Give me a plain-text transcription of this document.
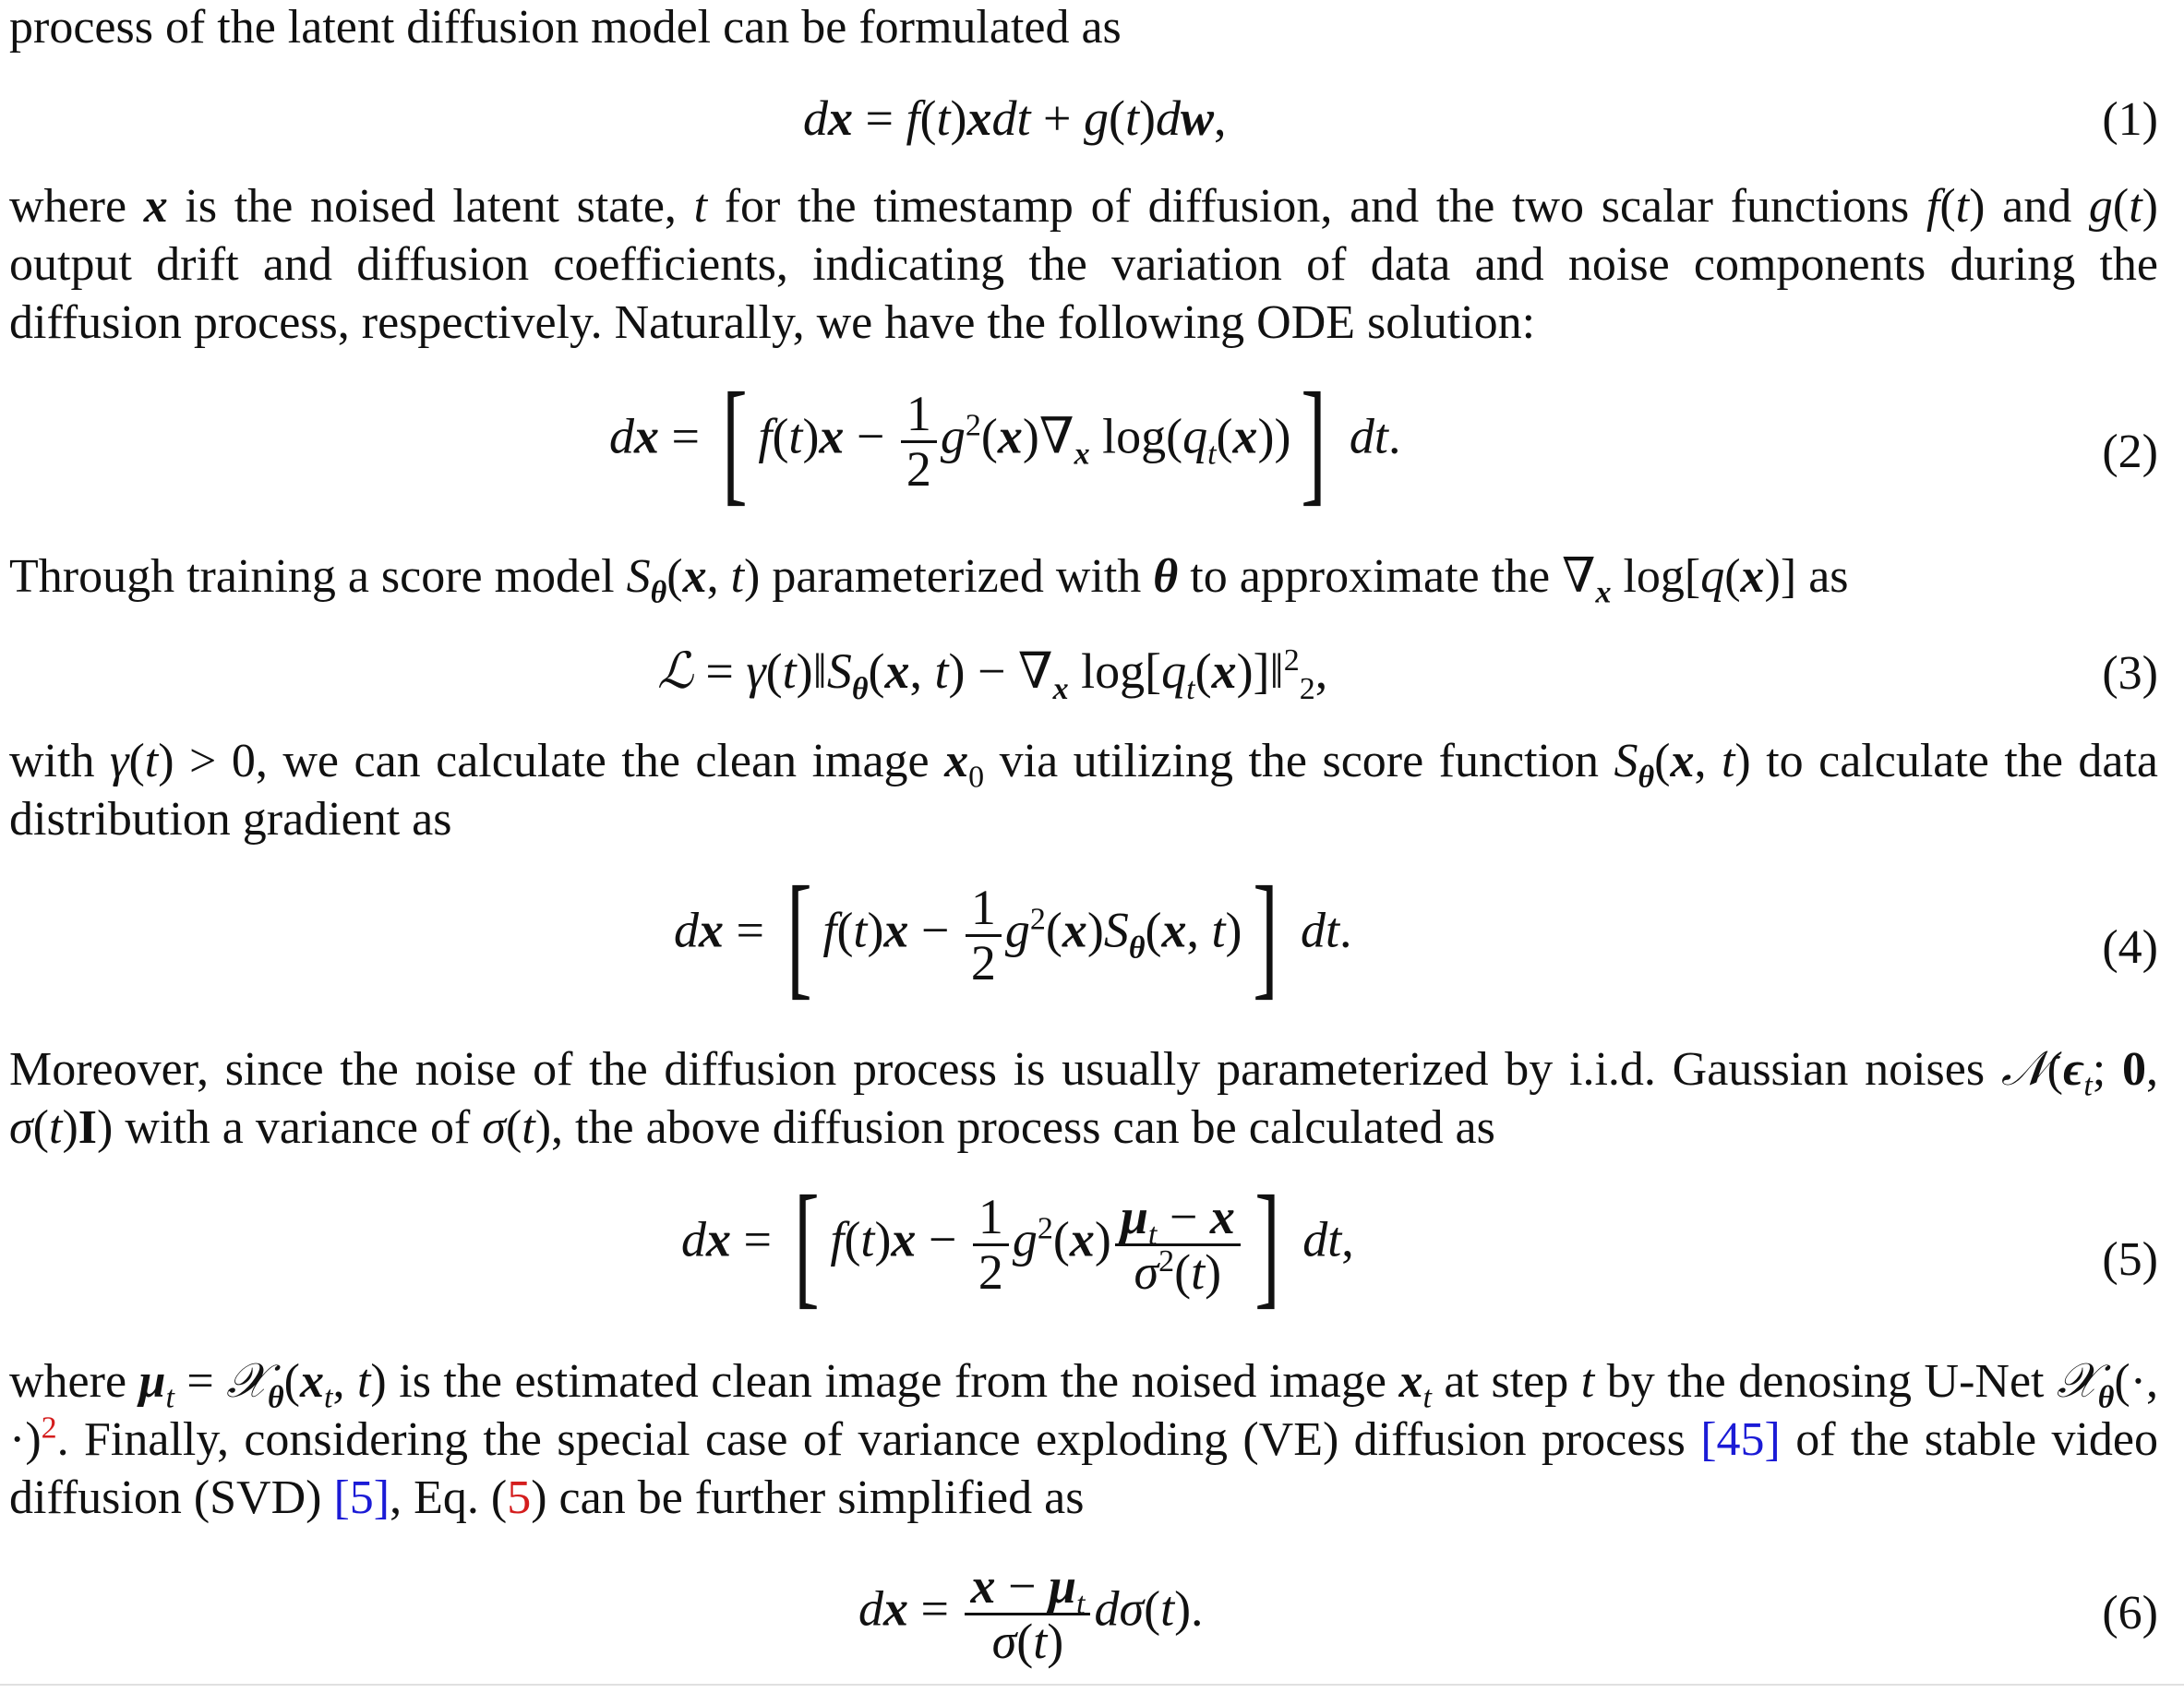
process of the latent diffusion model can be formulated as
dx = f(t)xdt + g(t)dw,	(1)
where x is the noised latent state, t for the timestamp of diffusion, and the two scalar functions f(t) and g(t) output drift and diffusion coefficients, indicating the variation of data and noise components during the diffusion process, respectively. Naturally, we have the following ODE solution:
dx = [ $f(t)x - \frac{1}{2} g^2(x)\nabla_x$ $\log(q_t(x))$] dt.	(2)
Through training a score model $S_\theta(x$, t) parameterized with θ to approximate the $\nabla_x$ log[q(x)] as
ℒ = $\gamma(t)‖S_\theta(x$, $t) - \nabla_x$ $\log[q_t(x)]‖^2_2$,	(3)
with γ(t) > 0, we can calculate the clean image $x_0$ via utilizing the score function $S_\theta(x$, t) to calculate the data distribution gradient as
dx = [ $f(t)x - \frac{1}{2} g^2(x)S_\theta(x$, t)] dt.	(4)
Moreover, since the noise of the diffusion process is usually parameterized by i.i.d. Gaussian noises $𝒩(\epsilon_t$; 0, σ(t)I) with a variance of σ(t), the above diffusion process can be calculated as
dx = [ $f(t)x - \frac{1}{2} g^2(x) \frac{\mu_t - x}{\sigma^2(t)}$ ] dt,	(5)
where $\mu_t$ = $𝒳_\theta(x_t$, t) is the estimated clean image from the noised image $x_t$ at step t by the denosing U-Net 𝒳$_\theta$(·, ·)$^2$. Finally, considering the special case of variance exploding (VE) diffusion process [45] of the stable video diffusion (SVD) [5], Eq. (5) can be further simplified as
dx = $\frac{x - \mu_t}{\sigma(t)} d\sigma(t)$.	(6)
